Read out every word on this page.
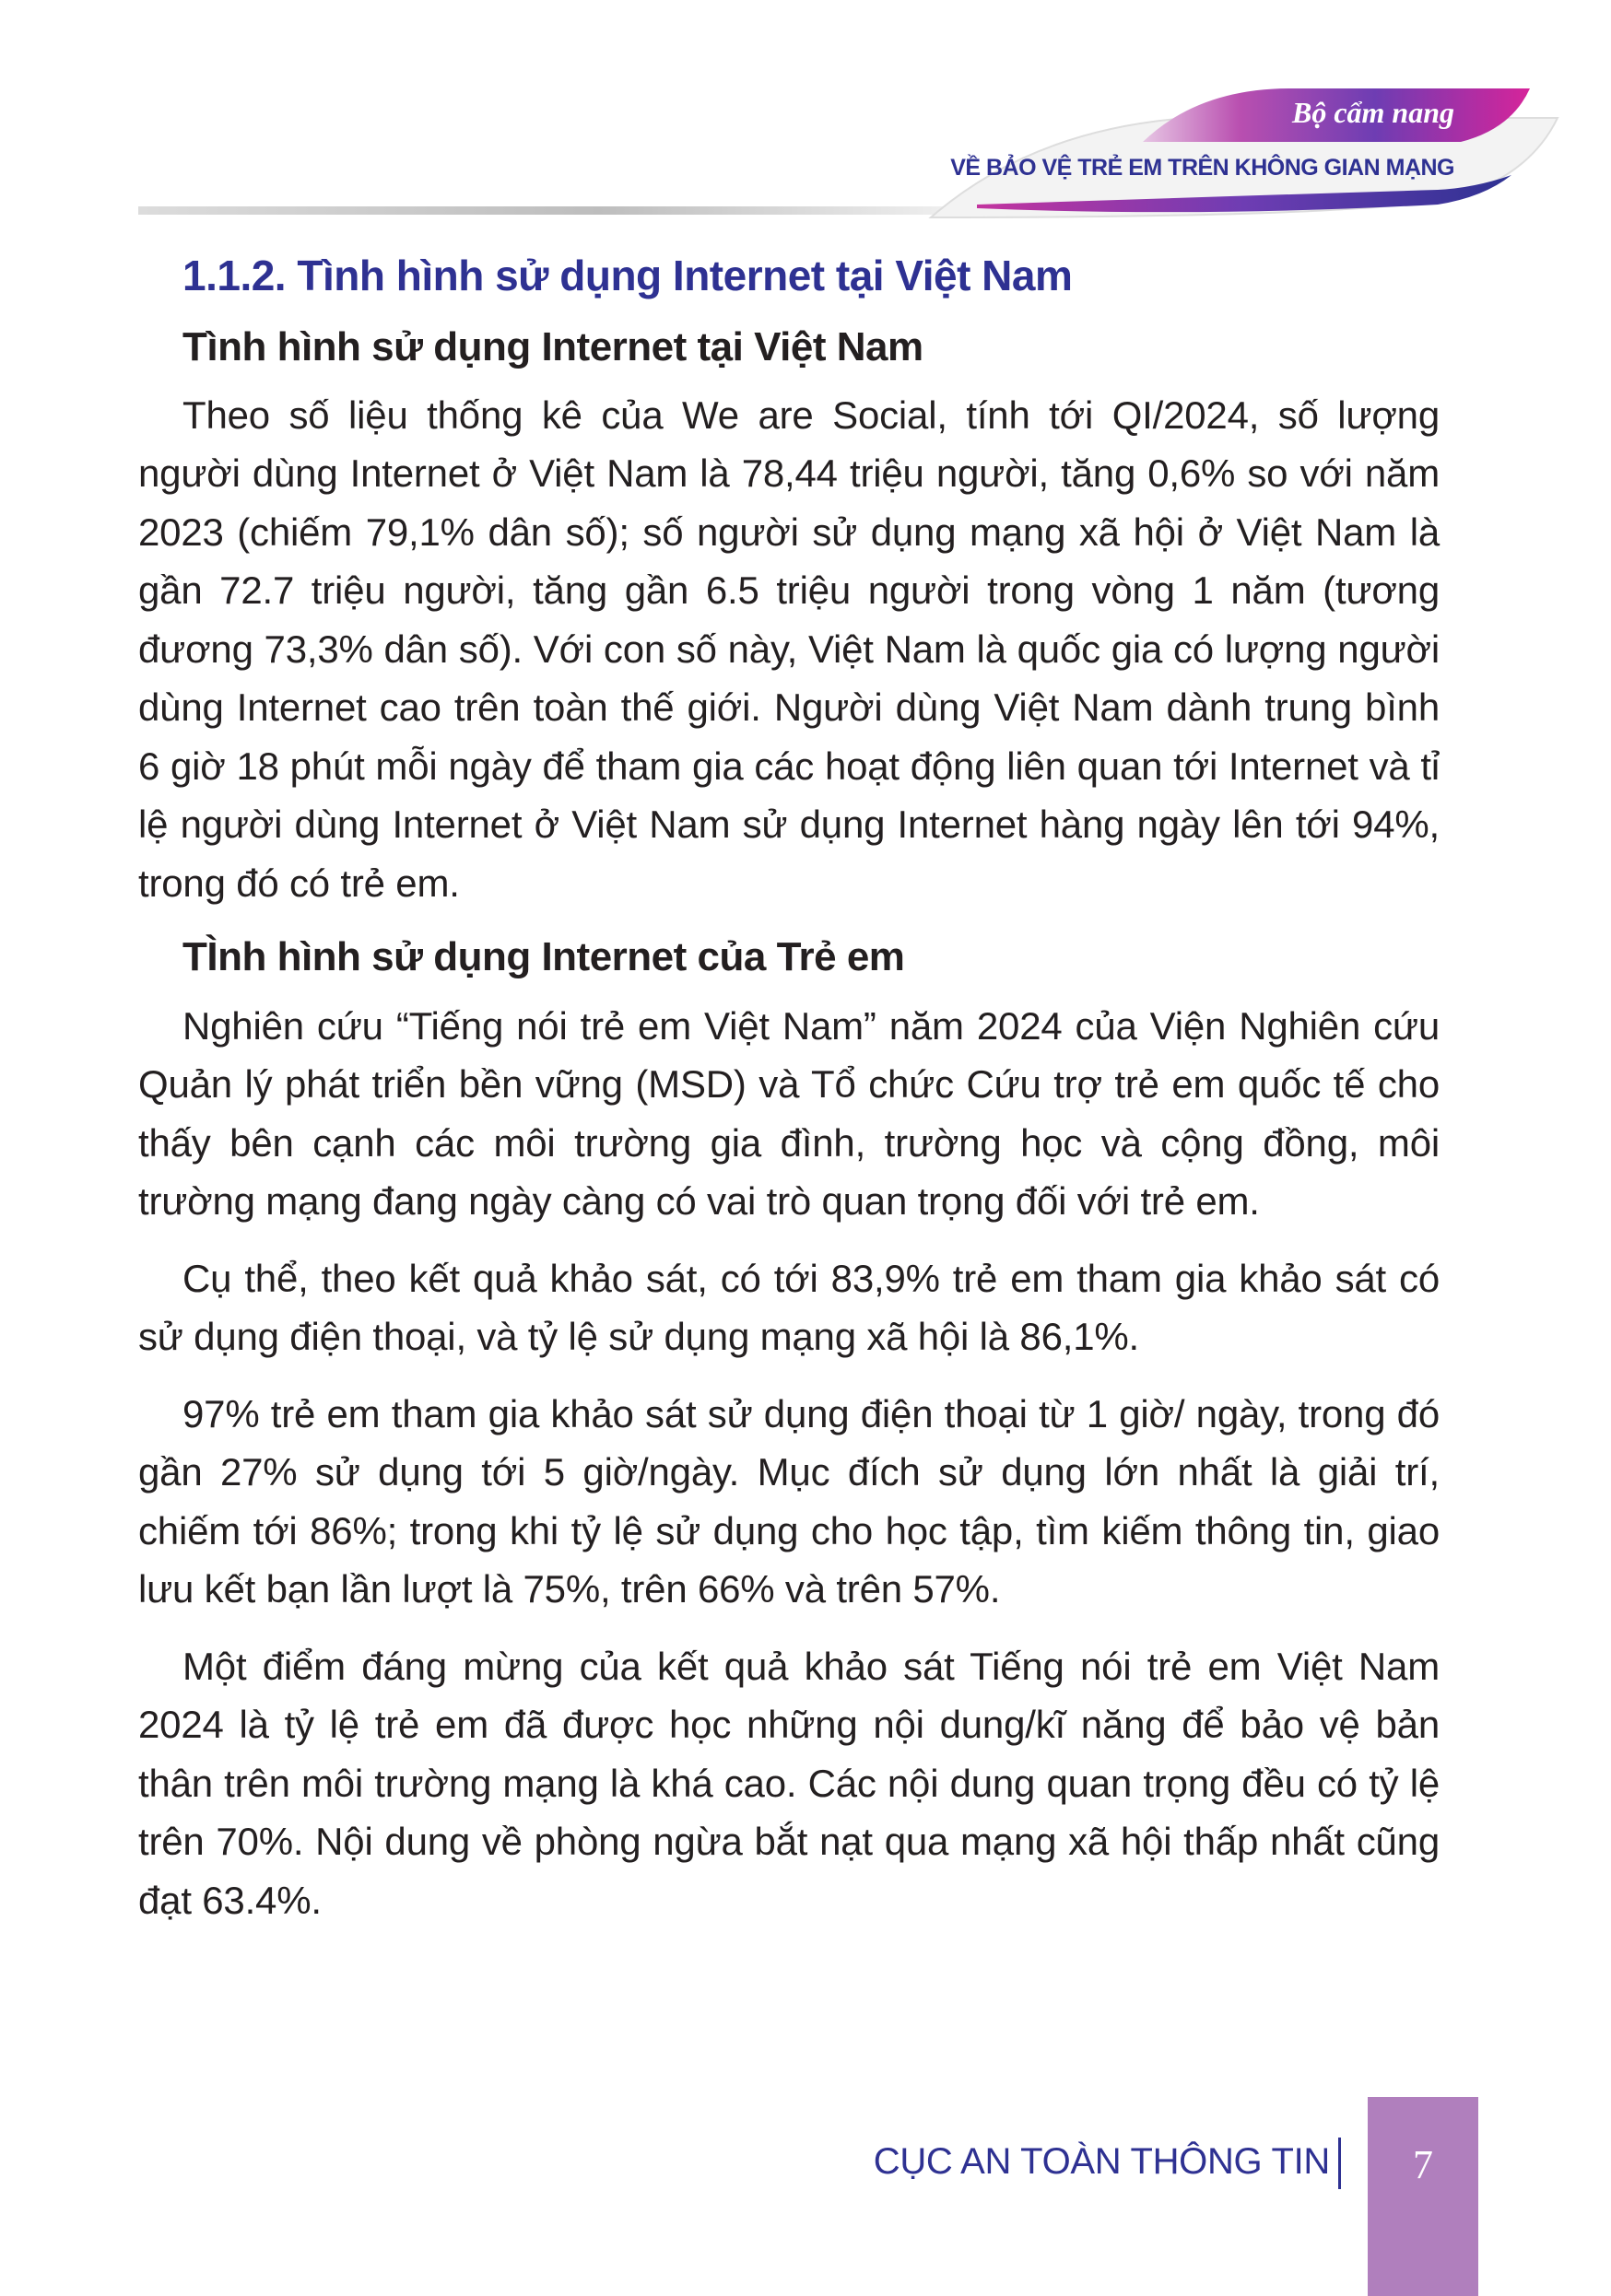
Bộ cẩm nang
VỀ BẢO VỆ TRẺ EM TRÊN KHÔNG GIAN MẠNG
1.1.2. Tình hình sử dụng Internet tại Việt Nam
Tình hình sử dụng Internet tại Việt Nam

Theo số liệu thống kê của We are Social, tính tới QI/2024, số lượng người dùng Internet ở Việt Nam là 78,44 triệu người, tăng 0,6% so với năm 2023 (chiếm 79,1% dân số); số người sử dụng mạng xã hội ở Việt Nam là gần 72.7 triệu người, tăng gần 6.5 triệu người trong vòng 1 năm (tương đương 73,3% dân số). Với con số này, Việt Nam là quốc gia có lượng người dùng Internet cao trên toàn thế giới. Người dùng Việt Nam dành trung bình 6 giờ 18 phút mỗi ngày để tham gia các hoạt động liên quan tới Internet và tỉ lệ người dùng Internet ở Việt Nam sử dụng Internet hàng ngày lên tới 94%, trong đó có trẻ em.

TÌnh hình sử dụng Internet của Trẻ em

Nghiên cứu “Tiếng nói trẻ em Việt Nam” năm 2024 của Viện Nghiên cứu Quản lý phát triển bền vững (MSD) và Tổ chức Cứu trợ trẻ em quốc tế cho thấy bên cạnh các môi trường gia đình, trường học và cộng đồng, môi trường mạng đang ngày càng có vai trò quan trọng đối với trẻ em.

Cụ thể, theo kết quả khảo sát, có tới 83,9% trẻ em tham gia khảo sát có sử dụng điện thoại, và tỷ lệ sử dụng mạng xã hội là 86,1%.

97% trẻ em tham gia khảo sát sử dụng điện thoại từ 1 giờ/ ngày, trong đó gần 27% sử dụng tới 5 giờ/ngày. Mục đích sử dụng lớn nhất là giải trí, chiếm tới 86%; trong khi tỷ lệ sử dụng cho học tập, tìm kiếm thông tin, giao lưu kết bạn lần lượt là 75%, trên 66% và trên 57%.

Một điểm đáng mừng của kết quả khảo sát Tiếng nói trẻ em Việt Nam 2024 là tỷ lệ trẻ em đã được học những nội dung/kĩ năng để bảo vệ bản thân trên môi trường mạng là khá cao. Các nội dung quan trọng đều có tỷ lệ trên 70%. Nội dung về phòng ngừa bắt nạt qua mạng xã hội thấp nhất cũng đạt 63.4%.

CỤC AN TOÀN THÔNG TIN	7
